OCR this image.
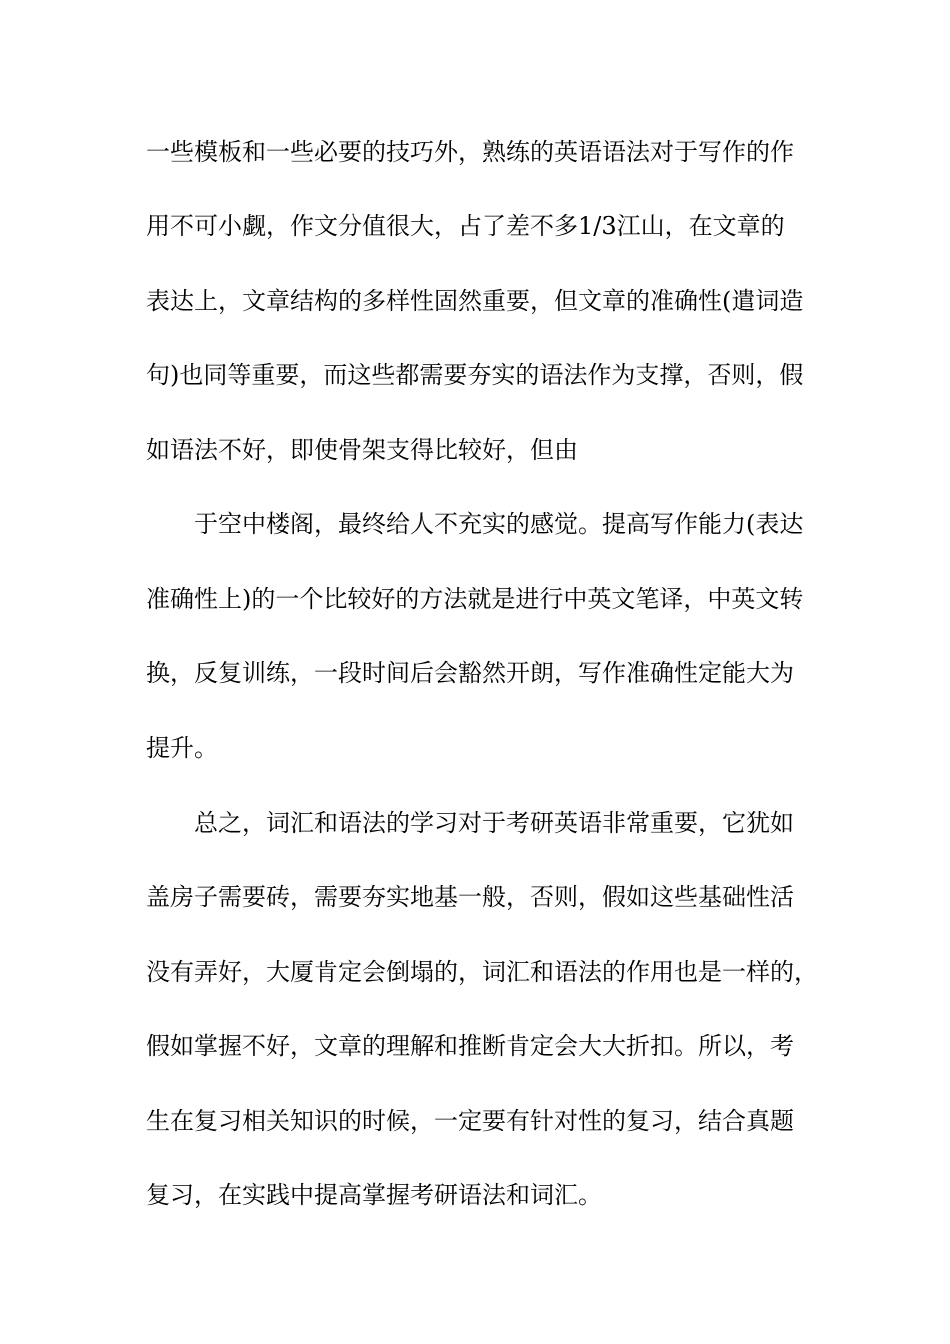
一些模板和一些必要的技巧外，熟练的英语语法对于写作的作
用不可小觑，作文分值很大，占了差不多1/3江山，在文章的
表达上，文章结构的多样性固然重要，但文章的准确性(遣词造
句)也同等重要，而这些都需要夯实的语法作为支撑，否则，假
如语法不好，即使骨架支得比较好，但由
于空中楼阁，最终给人不充实的感觉。提高写作能力(表达
准确性上)的一个比较好的方法就是进行中英文笔译，中英文转
换，反复训练，一段时间后会豁然开朗，写作准确性定能大为
提升。
总之，词汇和语法的学习对于考研英语非常重要，它犹如
盖房子需要砖，需要夯实地基一般，否则，假如这些基础性活
没有弄好，大厦肯定会倒塌的，词汇和语法的作用也是一样的，
假如掌握不好，文章的理解和推断肯定会大大折扣。所以，考
生在复习相关知识的时候，一定要有针对性的复习，结合真题
复习，在实践中提高掌握考研语法和词汇。
